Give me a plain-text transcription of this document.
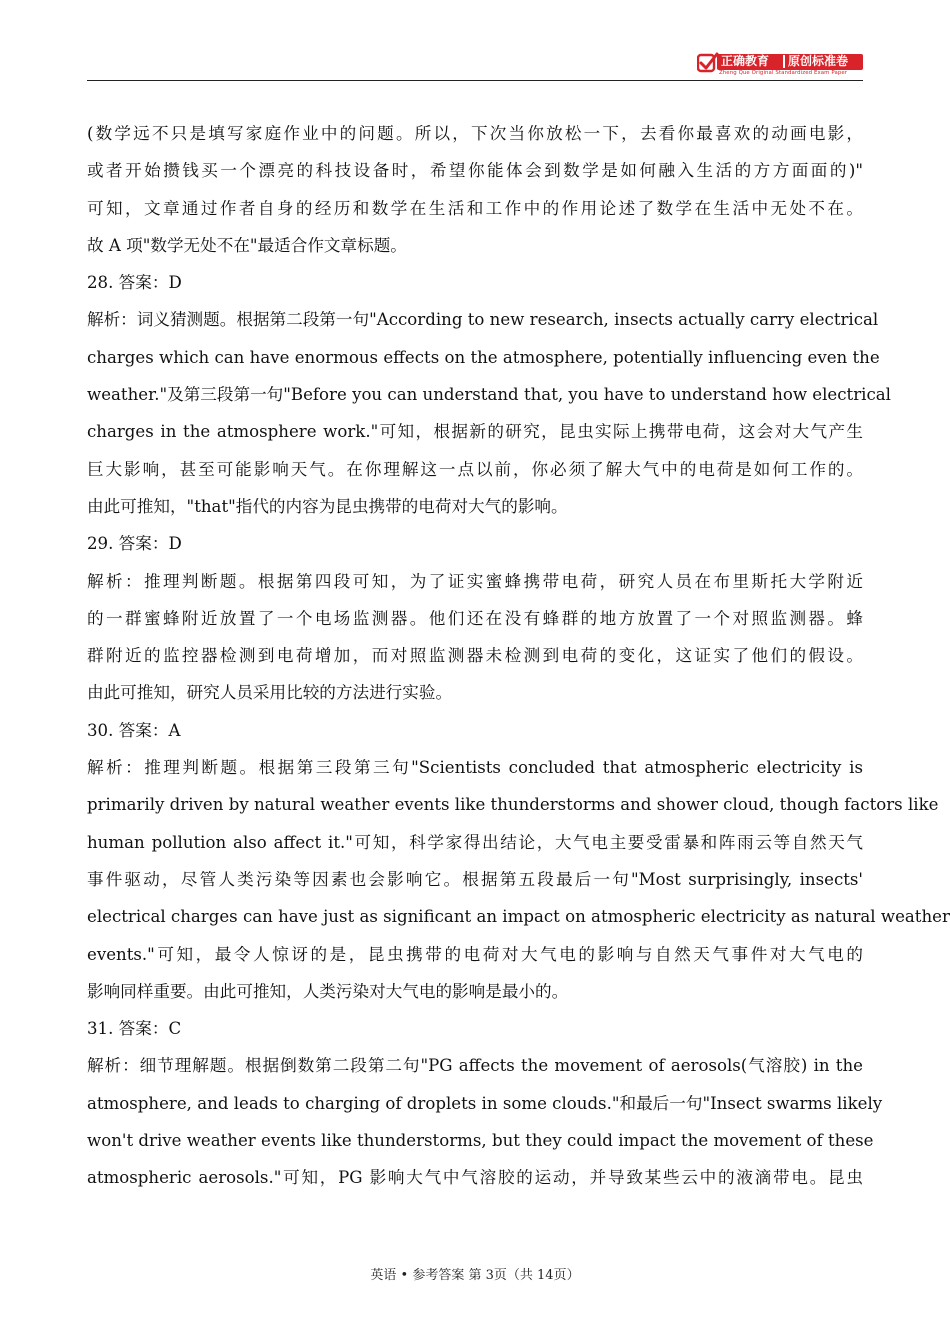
正确教育 原创标准卷
Zheng Que Original Standardized Exam Paper
(数学远不只是填写家庭作业中的问题。所以，下次当你放松一下，去看你最喜欢的动画电影，
或者开始攒钱买一个漂亮的科技设备时，希望你能体会到数学是如何融入生活的方方面面的)"
可知，文章通过作者自身的经历和数学在生活和工作中的作用论述了数学在生活中无处不在。
故 A 项"数学无处不在"最适合作文章标题。
28. 答案：D
解析：词义猜测题。根据第二段第一句"According to new research, insects actually carry electrical
charges which can have enormous effects on the atmosphere, potentially influencing even the
weather."及第三段第一句"Before you can understand that, you have to understand how electrical
charges in the atmosphere work."可知，根据新的研究，昆虫实际上携带电荷，这会对大气产生
巨大影响，甚至可能影响天气。在你理解这一点以前，你必须了解大气中的电荷是如何工作的。
由此可推知，"that"指代的内容为昆虫携带的电荷对大气的影响。
29. 答案：D
解析：推理判断题。根据第四段可知，为了证实蜜蜂携带电荷，研究人员在布里斯托大学附近
的一群蜜蜂附近放置了一个电场监测器。他们还在没有蜂群的地方放置了一个对照监测器。蜂
群附近的监控器检测到电荷增加，而对照监测器未检测到电荷的变化，这证实了他们的假设。
由此可推知，研究人员采用比较的方法进行实验。
30. 答案：A
解析：推理判断题。根据第三段第三句"Scientists concluded that atmospheric electricity is
primarily driven by natural weather events like thunderstorms and shower cloud, though factors like
human pollution also affect it."可知，科学家得出结论，大气电主要受雷暴和阵雨云等自然天气
事件驱动，尽管人类污染等因素也会影响它。根据第五段最后一句"Most surprisingly, insects'
electrical charges can have just as significant an impact on atmospheric electricity as natural weather
events."可知，最令人惊讶的是，昆虫携带的电荷对大气电的影响与自然天气事件对大气电的
影响同样重要。由此可推知，人类污染对大气电的影响是最小的。
31. 答案：C
解析：细节理解题。根据倒数第二段第二句"PG affects the movement of aerosols(气溶胶) in the
atmosphere, and leads to charging of droplets in some clouds."和最后一句"Insect swarms likely
won't drive weather events like thunderstorms, but they could impact the movement of these
atmospheric aerosols."可知，PG 影响大气中气溶胶的运动，并导致某些云中的液滴带电。昆虫
英语 • 参考答案 第 3页（共 14页）
